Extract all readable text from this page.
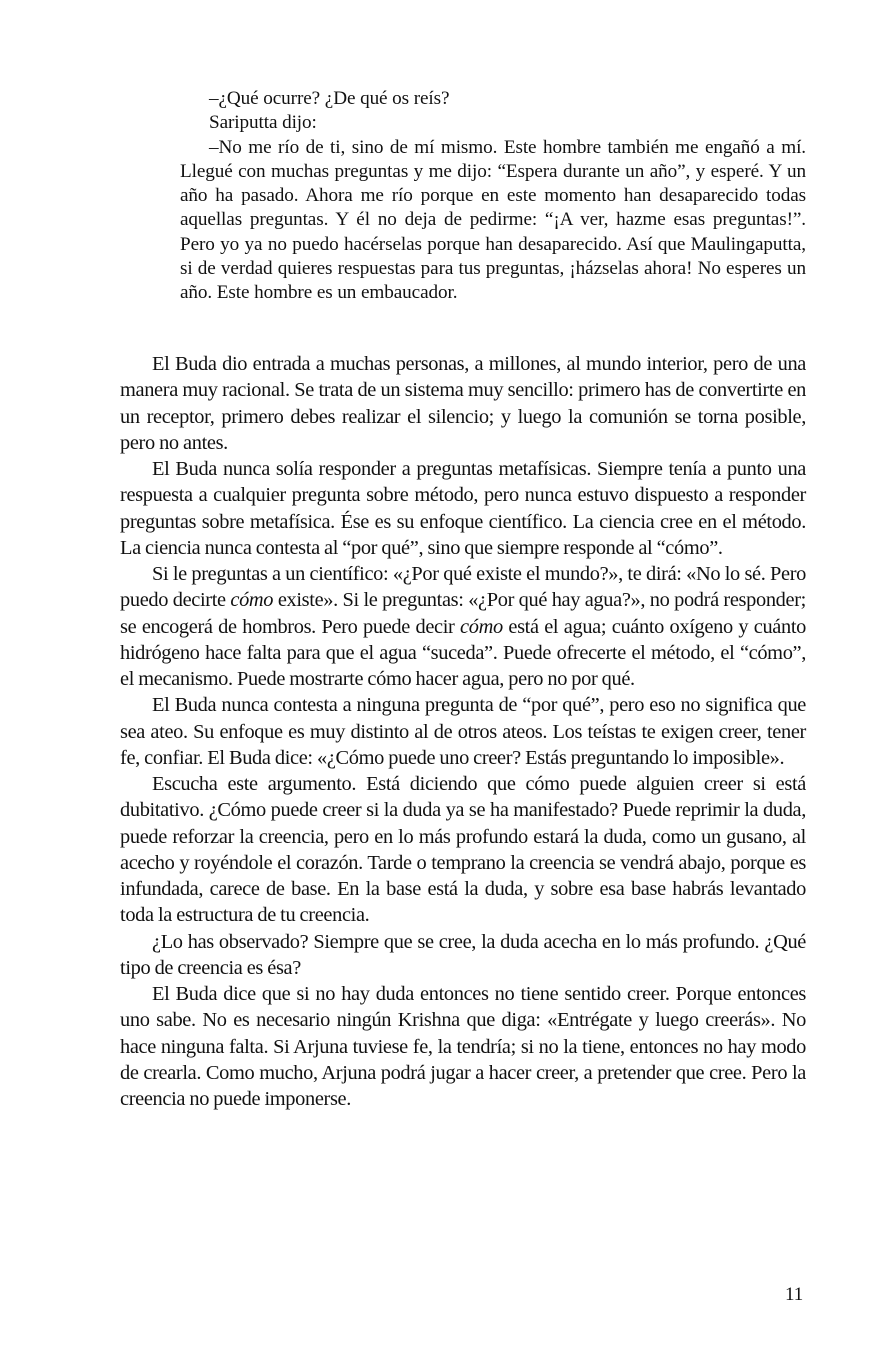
–¿Qué ocurre? ¿De qué os reís?

Sariputta dijo:

–No me río de ti, sino de mí mismo. Este hombre también me engañó a mí. Llegué con muchas preguntas y me dijo: “Espera durante un año”, y esperé. Y un año ha pasado. Ahora me río porque en este momento han desaparecido todas aquellas preguntas. Y él no deja de pedirme: “¡A ver, hazme esas preguntas!”. Pero yo ya no puedo hacérselas porque han desaparecido. Así que Maulingaputta, si de verdad quieres respuestas para tus preguntas, ¡házselas ahora! No esperes un año. Este hombre es un embaucador.

El Buda dio entrada a muchas personas, a millones, al mundo interior, pero de una manera muy racional. Se trata de un sistema muy sencillo: primero has de convertirte en un receptor, primero debes realizar el silencio; y luego la comunión se torna posible, pero no antes.

El Buda nunca solía responder a preguntas metafísicas. Siempre tenía a punto una respuesta a cualquier pregunta sobre método, pero nunca estuvo dispuesto a responder preguntas sobre metafísica. Ése es su enfoque científico. La ciencia cree en el método. La ciencia nunca contesta al “por qué”, sino que siempre responde al “cómo”.

Si le preguntas a un científico: «¿Por qué existe el mundo?», te dirá: «No lo sé. Pero puedo decirte cómo existe». Si le preguntas: «¿Por qué hay agua?», no podrá responder; se encogerá de hombros. Pero puede decir cómo está el agua; cuánto oxígeno y cuánto hidrógeno hace falta para que el agua “suceda”. Puede ofrecerte el método, el “cómo”, el mecanismo. Puede mostrarte cómo hacer agua, pero no por qué.

El Buda nunca contesta a ninguna pregunta de “por qué”, pero eso no significa que sea ateo. Su enfoque es muy distinto al de otros ateos. Los teístas te exigen creer, tener fe, confiar. El Buda dice: «¿Cómo puede uno creer? Estás preguntando lo imposible».

Escucha este argumento. Está diciendo que cómo puede alguien creer si está dubitativo. ¿Cómo puede creer si la duda ya se ha manifestado? Puede reprimir la duda, puede reforzar la creencia, pero en lo más profundo estará la duda, como un gusano, al acecho y royéndole el corazón. Tarde o temprano la creencia se vendrá abajo, porque es infundada, carece de base. En la base está la duda, y sobre esa base habrás levantado toda la estructura de tu creencia.

¿Lo has observado? Siempre que se cree, la duda acecha en lo más profundo. ¿Qué tipo de creencia es ésa?

El Buda dice que si no hay duda entonces no tiene sentido creer. Porque entonces uno sabe. No es necesario ningún Krishna que diga: «Entrégate y luego creerás». No hace ninguna falta. Si Arjuna tuviese fe, la tendría; si no la tiene, entonces no hay modo de crearla. Como mucho, Arjuna podrá jugar a hacer creer, a pretender que cree. Pero la creencia no puede imponerse.

11
